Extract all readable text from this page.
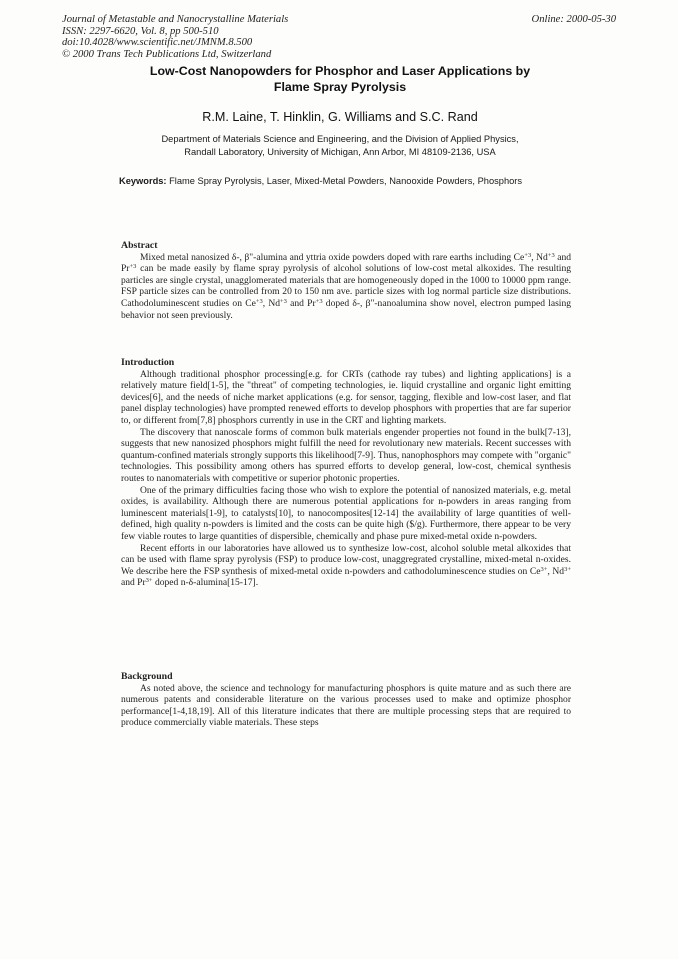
Journal of Metastable and Nanocrystalline Materials
ISSN: 2297-6620, Vol. 8, pp 500-510
doi:10.4028/www.scientific.net/JMNM.8.500
© 2000 Trans Tech Publications Ltd, Switzerland
Online: 2000-05-30
Low-Cost Nanopowders for Phosphor and Laser Applications by
Flame Spray Pyrolysis
R.M. Laine, T. Hinklin, G. Williams and S.C. Rand
Department of Materials Science and Engineering, and the Division of Applied Physics,
Randall Laboratory, University of Michigan, Ann Arbor, MI 48109-2136, USA
Keywords: Flame Spray Pyrolysis, Laser, Mixed-Metal Powders, Nanooxide Powders, Phosphors
Abstract

Mixed metal nanosized δ-, β"-alumina and yttria oxide powders doped with rare earths including $Ce^{+3}$, $Nd^{+3}$ and $Pr^{+3}$ can be made easily by flame spray pyrolysis of alcohol solutions of low-cost metal alkoxides. The resulting particles are single crystal, unagglomerated materials that are homogeneously doped in the 1000 to 10000 ppm range. FSP particle sizes can be controlled from 20 to 150 nm ave. particle sizes with log normal particle size distributions. Cathodoluminescent studies on $Ce^{+3}$, $Nd^{+3}$ and $Pr^{+3}$ doped δ-, β"-nanoalumina show novel, electron pumped lasing behavior not seen previously.

Introduction

Although traditional phosphor processing[e.g. for CRTs (cathode ray tubes) and lighting applications] is a relatively mature field[1-5], the "threat" of competing technologies, ie. liquid crystalline and organic light emitting devices[6], and the needs of niche market applications (e.g. for sensor, tagging, flexible and low-cost laser, and flat panel display technologies) have prompted renewed efforts to develop phosphors with properties that are far superior to, or different from[7,8] phosphors currently in use in the CRT and lighting markets.

The discovery that nanoscale forms of common bulk materials engender properties not found in the bulk[7-13], suggests that new nanosized phosphors might fulfill the need for revolutionary new materials. Recent successes with quantum-confined materials strongly supports this likelihood[7-9]. Thus, nanophosphors may compete with "organic" technologies. This possibility among others has spurred efforts to develop general, low-cost, chemical synthesis routes to nanomaterials with competitive or superior photonic properties.

One of the primary difficulties facing those who wish to explore the potential of nanosized materials, e.g. metal oxides, is availability. Although there are numerous potential applications for n-powders in areas ranging from luminescent materials[1-9], to catalysts[10], to nanocomposites[12-14] the availability of large quantities of well-defined, high quality n-powders is limited and the costs can be quite high ($/g). Furthermore, there appear to be very few viable routes to large quantities of dispersible, chemically and phase pure mixed-metal oxide n-powders.

Recent efforts in our laboratories have allowed us to synthesize low-cost, alcohol soluble metal alkoxides that can be used with flame spray pyrolysis (FSP) to produce low-cost, unaggregrated crystalline, mixed-metal n-oxides. We describe here the FSP synthesis of mixed-metal oxide n-powders and cathodoluminescence studies on $Ce^{3+}$, $Nd^{3+}$ and $Pr^{3+}$ doped n-δ-alumina[15-17].

Background

As noted above, the science and technology for manufacturing phosphors is quite mature and as such there are numerous patents and considerable literature on the various processes used to make and optimize phosphor performance[1-4,18,19]. All of this literature indicates that there are multiple processing steps that are required to produce commercially viable materials. These steps
